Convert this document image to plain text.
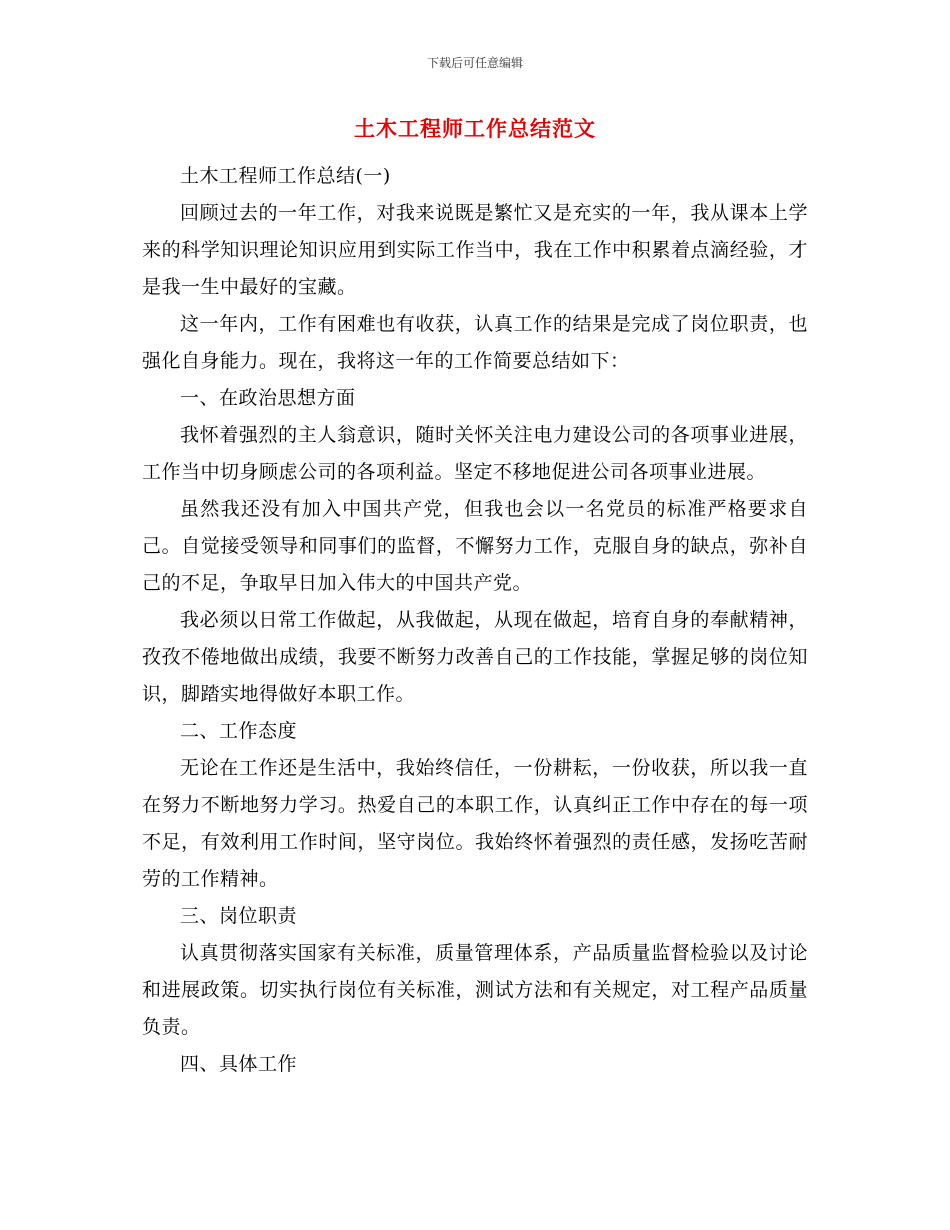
下载后可任意编辑
土木工程师工作总结范文

土木工程师工作总结(一)

回顾过去的一年工作，对我来说既是繁忙又是充实的一年，我从课本上学来的科学知识理论知识应用到实际工作当中，我在工作中积累着点滴经验，才是我一生中最好的宝藏。

这一年内，工作有困难也有收获，认真工作的结果是完成了岗位职责，也强化自身能力。现在，我将这一年的工作简要总结如下：

一、在政治思想方面

我怀着强烈的主人翁意识，随时关怀关注电力建设公司的各项事业进展，工作当中切身顾虑公司的各项利益。坚定不移地促进公司各项事业进展。

虽然我还没有加入中国共产党，但我也会以一名党员的标准严格要求自己。自觉接受领导和同事们的监督，不懈努力工作，克服自身的缺点，弥补自己的不足，争取早日加入伟大的中国共产党。

我必须以日常工作做起，从我做起，从现在做起，培育自身的奉献精神，孜孜不倦地做出成绩，我要不断努力改善自己的工作技能，掌握足够的岗位知识，脚踏实地得做好本职工作。

二、工作态度

无论在工作还是生活中，我始终信任，一份耕耘，一份收获，所以我一直在努力不断地努力学习。热爱自己的本职工作，认真纠正工作中存在的每一项不足，有效利用工作时间，坚守岗位。我始终怀着强烈的责任感，发扬吃苦耐劳的工作精神。

三、岗位职责

认真贯彻落实国家有关标准，质量管理体系，产品质量监督检验以及讨论和进展政策。切实执行岗位有关标准，测试方法和有关规定，对工程产品质量负责。

四、具体工作
